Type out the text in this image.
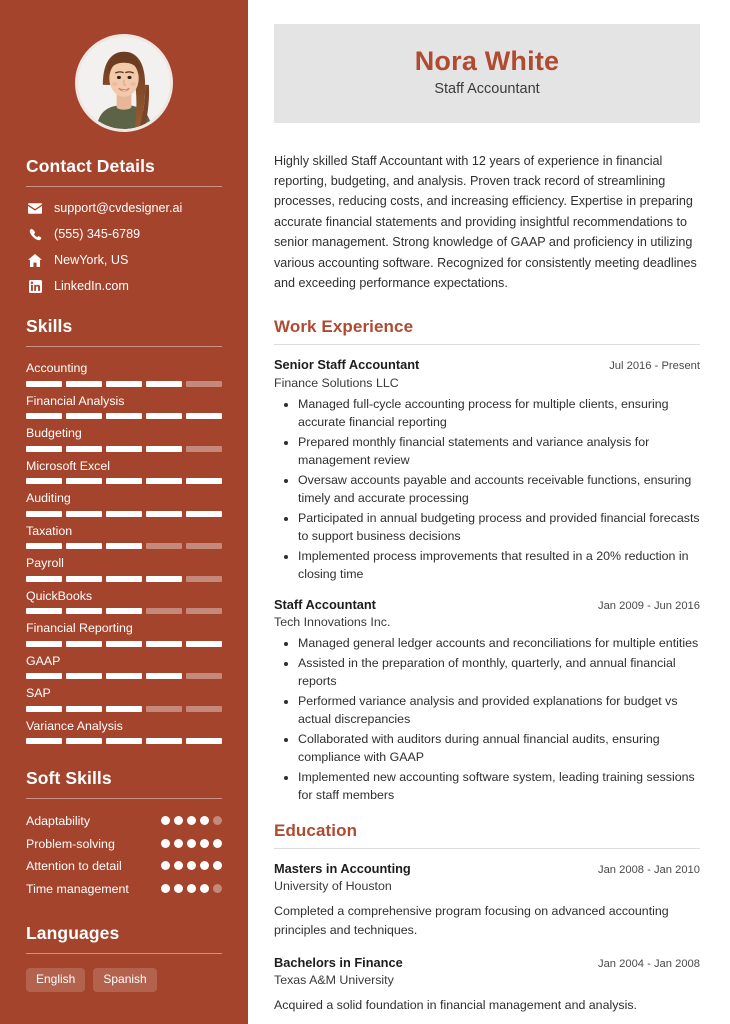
Contact Details
support@cvdesigner.ai
(555) 345-6789
NewYork, US
LinkedIn.com
Skills
Accounting
Financial Analysis
Budgeting
Microsoft Excel
Auditing
Taxation
Payroll
QuickBooks
Financial Reporting
GAAP
SAP
Variance Analysis
Soft Skills
Adaptability
Problem-solving
Attention to detail
Time management
Languages
English	Spanish
Nora White
Staff Accountant

Highly skilled Staff Accountant with 12 years of experience in financial reporting, budgeting, and analysis. Proven track record of streamlining processes, reducing costs, and increasing efficiency. Expertise in preparing accurate financial statements and providing insightful recommendations to senior management. Strong knowledge of GAAP and proficiency in utilizing various accounting software. Recognized for consistently meeting deadlines and exceeding performance expectations.

Work Experience
Senior Staff Accountant	Jul 2016 - Present
Finance Solutions LLC
• Managed full-cycle accounting process for multiple clients, ensuring accurate financial reporting
• Prepared monthly financial statements and variance analysis for management review
• Oversaw accounts payable and accounts receivable functions, ensuring timely and accurate processing
• Participated in annual budgeting process and provided financial forecasts to support business decisions
• Implemented process improvements that resulted in a 20% reduction in closing time
Staff Accountant	Jan 2009 - Jun 2016
Tech Innovations Inc.
• Managed general ledger accounts and reconciliations for multiple entities
• Assisted in the preparation of monthly, quarterly, and annual financial reports
• Performed variance analysis and provided explanations for budget vs actual discrepancies
• Collaborated with auditors during annual financial audits, ensuring compliance with GAAP
• Implemented new accounting software system, leading training sessions for staff members
Education
Masters in Accounting	Jan 2008 - Jan 2010
University of Houston
Completed a comprehensive program focusing on advanced accounting principles and techniques.
Bachelors in Finance	Jan 2004 - Jan 2008
Texas A&M University
Acquired a solid foundation in financial management and analysis.
